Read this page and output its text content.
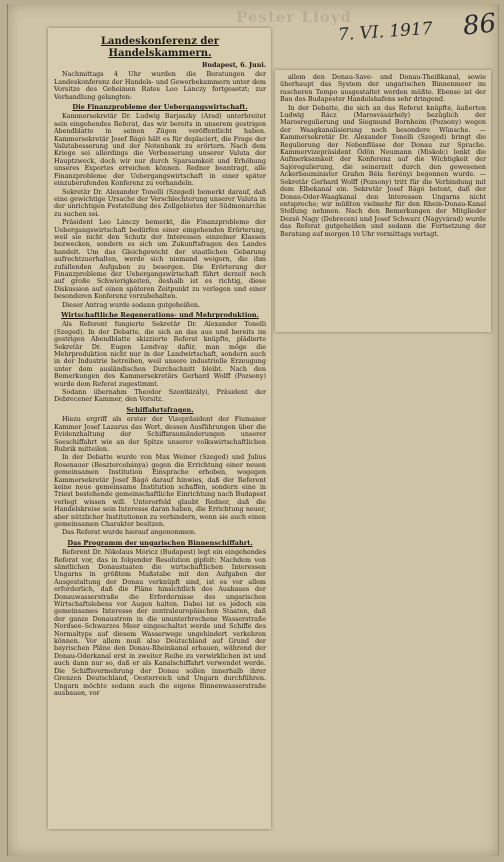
Pester Lloyd
7. VI. 1917 86
Landeskonferenz der Handelskammern.
Budapest, 6. Juni.

Nachmittags 4 Uhr wurden die Beratungen der Landeskonferenz der Handels- und Gewerbekammern unter dem Vorsitze des Geheimen Rates Leo Lánczy fortgesetzt; zur Verhandlung gelangten:

Die Finanzprobleme der Uebergangswirtschaft.

Kammersekretär Dr. Ludwig Barjaszky (Arad) unterbreitet sein eingehendes Referat, das wir bereits in unserem gestrigen Abendblatte in seinen Zügen veröffentlicht haben. Kammersekretär Josef Bágó hält es für deplaciert, die Frage der Valutabesserung und der Notenbank zu erörtern. Nach dem Kriege sei allerdings die Verbesserung unserer Valuta der Hauptzweck, doch wir nur durch Sparsamkeit und Erhöhung unseres Exportes erreichen können. Redner beantragt, alle Finanzprobleme der Uebergangswirtschaft in einer später einzuberufenden Konferenz zu verhandeln.

Sekretär Dr. Alexander Tonelli (Szeged) bemerkt darauf, daß eine gewichtige Ursache der Verschlechterung unserer Valuta in der unrichtigen Feststellung des Zollgebietes der Südmonarchie zu suchen sei.

Präsident Leo Lánczy bemerkt, die Finanzprobleme der Uebergangswirtschaft bedürfen einer eingehenden Erörterung, weil sie nicht den Schutz der Interessen einzelner Klassen bezwecken, sondern es sich um Zukunftsfragen des Landes handelt. Um das Gleichgewicht der staatlichen Gebarung aufrechtzuerhalten, werde sich niemand weigern, die ihm zufallenden Aufgaben zu besorgen. Die Erörterung der Finanzprobleme der Uebergangswirtschaft führt derzeit noch auf große Schwierigkeiten, deshalb ist es richtig, diese Diskussion auf einen späteren Zeitpunkt zu verlegen und einer besonderen Konferenz vorzubehalten.

Dieser Antrag wurde sodann gutgeheißen.

Wirtschaftliche Regenerations- und Mehrproduktion.

Als Referent fungierte Sekretär Dr. Alexander Tonelli (Szeged). In der Debatte, die sich an das aus und bereits im gestrigen Abendblatte skizzierte Referat knüpfte, plädierte Sekretär Dr. Eugen Lendvay dafür, man möge die Mehrproduktion nicht nur in der Landwirtschaft, sondern auch in der Industrie betreiben, weil unsere industrielle Erzeugung unter dem ausländischen Durchschnitt bleibt. Nach den Bemerkungen des Kammersekretärs Gerhard Wolff (Pozsony) wurde dem Referat zugestimmt.

Sodann übernahm Theodor Szentkirályi, Präsident der Debrecener Kammer, den Vorsitz.

Schiffahrtsfragen.

Hiezu ergriff als erster der Vizepräsident der Fiumaner Kammer Josef Lazarus das Wort, dessen Ausführungen über die Evidenzhaltung der Schiffsraumänderungen unserer Seeschiffahrt wie an der Spitze unserer volkswirtschaftlichen Rubrik mitteilen.

In der Debatte wurde von Max Weiner (Szeged) und Julius Rosenauer (Besztercebánya) gegen die Errichtung einer neuen gemeinsamen Institution Einsprache erhoben, wogegen Kammersekretär Josef Bágó darauf hinwies, daß der Referent keine neue gemeinsame Institution schaffen, sondern eine in Triest bestehende gemeinschaftliche Einrichtung nach Budapest verlegt wissen will. Unterorfeld glaubt Redner, daß die Handelskreise sein Interesse daran haben, die Errichtung neuer, aber nützlicher Institutionen zu verhindern, wenn sie auch einen gemeinsamen Charakter besitzen.

Das Referat wurde hierauf angenommen.

Das Programm der ungarischen Binnenschiffahrt.

Referent Dr. Nikolaus Móricz (Budapest) legt ein eingehendes Referat vor, das in folgender Resolution gipfelt: Nachdem von sämtlichen Donaustaaten die wirtschaftlichen Interessen Ungarns in größtem Maßstabe mit den Aufgaben der Ausgestaltung der Donau verknüpft sind, ist es vor allem erforderlich, daß die Pläne hinsichtlich des Ausbaues der Donauwasserstraße die Erfordernisse des ungarischen Wirtschaftslebens vor Augen halten. Dabei ist es jedoch ein gemeinsames Interesse der zentraleuropäischen Staaten, daß der ganze Donaustrom in die ununterbrochene Wasserstraße Nordsee–Schwarzes Meer eingeschaltet werde und Schiffe des Normaltyps auf diesem Wasserwege ungehindert verkehren können. Vor allem muß also Deutschland auf Grund der bayrischen Pläne den Donau-Rheinkanal erbauen, während der Donau-Oderkanal erst in zweiter Reihe zu verwirklichen ist und auch dann nur so, daß er als Kanalschiffahrt verwendet werde. Die Schiffsvermehrung der Donau sollen innerhalb ihrer Grenzen Deutschland, Oesterreich und Ungarn durchführen. Ungarn möchte sodann auch die eigene Binnenwasserstraße ausbauen, vor

allem den Donau-Save- und Donau-Theißkanal, sowie überhaupt das System der ungarischen Binnenmeer im rascheren Tempo ausgestaltet werden müßte. Ebenso ist der Bau des Budapester Handelshafens sehr dringend.

In der Debatte, die sich an das Referat knüpfte, äußerten Ludwig Rácz (Marosvásárhely) bezüglich der Marosregulierung und Siegmund Bornheim (Pozsony) wegen der Waagkanalisierung noch besondere Wünsche. — Kammersekretär Dr. Alexander Tonelli (Szeged) bringt die Regulierung der Nebenflüsse der Donau zur Sprache. Kammervizepräsident Ödön Neumann (Miskolc) lenkt die Aufmerksamkeit der Konferenz auf die Wichtigkeit der Sajóregulierung, die seinerzeit durch den gewesenen Ackerbauminister Grafen Béla Serényi begonnen wurde. — Sekretär Gerhard Wolff (Pozsony) tritt für die Verbindung mit dem Elbekanal ein. Sekretär Josef Bágó betont, daß der Donau-Oder-Waagkanal den Interessen Ungarns nicht entspreche; wir müßten vielmehr für den Rhein-Donau-Kanal Stellung nehmen. Nach den Bemerkungen der Mitglieder Dezsö Nagy (Debrecen) und Josef Schwarz (Nagyvárad) wurde das Referat gutgeheißen und sodann die Fortsetzung der Beratung auf morgen 10 Uhr vormittags vertagt.
